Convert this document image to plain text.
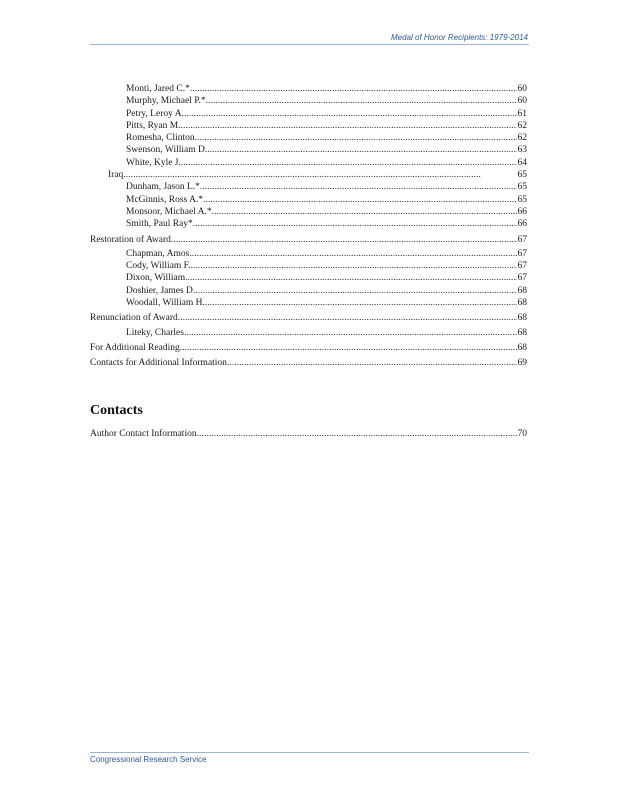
Medal of Honor Recipients: 1979-2014
Monti, Jared C.* . . .	60
Murphy, Michael P.* . . .	60
Petry, Leroy A. . . .	61
Pitts, Ryan M. . . .	62
Romesha, Clinton . . .	62
Swenson, William D. . . .	63
White, Kyle J. . . .	64
Iraq . . .	65
Dunham, Jason L.* . . .	65
McGinnis, Ross A.* . . .	65
Monsoor, Michael A.* . . .	66
Smith, Paul Ray* . . .	66
Restoration of Award . . .	67
Chapman, Amos . . .	67
Cody, William F. . . .	67
Dixon, William . . .	67
Doshier, James D. . . .	68
Woodall, William H. . . .	68
Renunciation of Award . . .	68
Liteky, Charles . . .	68
For Additional Reading . . .	68
Contacts for Additional Information . . .	69
Contacts
Author Contact Information . . .	70
Congressional Research Service
